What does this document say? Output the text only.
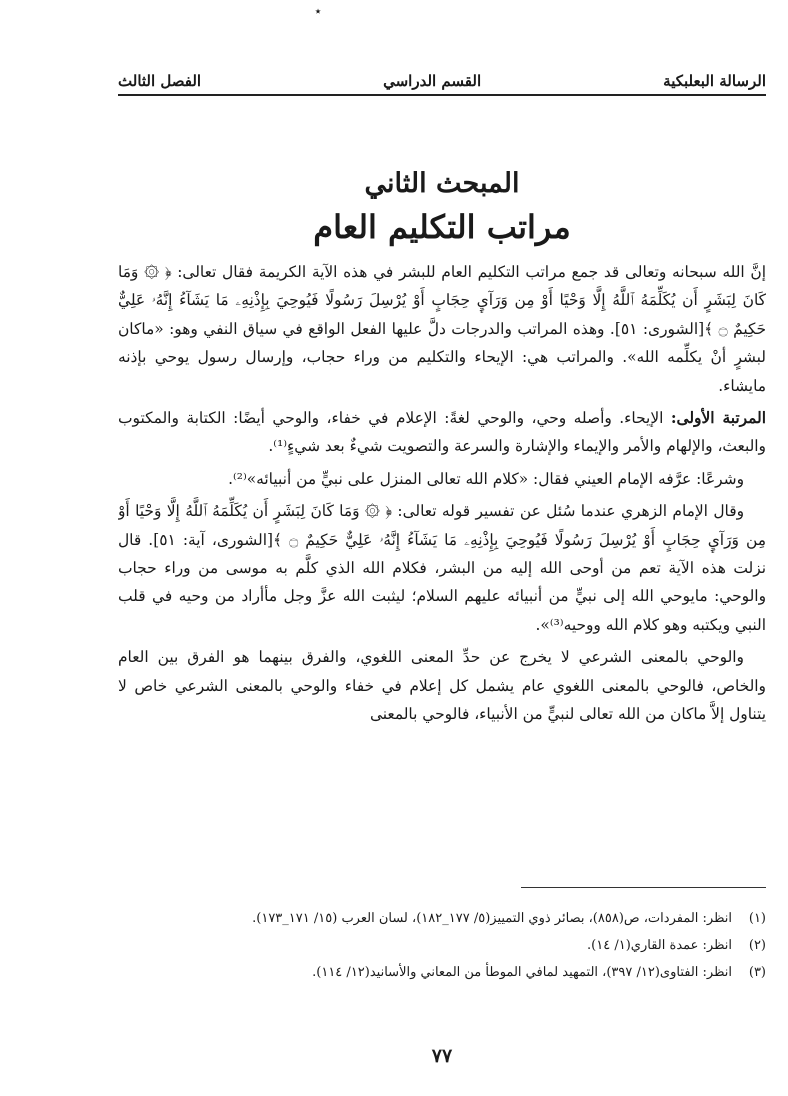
٭
الرسالة البعلبكية
القسم الدراسي
الفصل الثالث
المبحث الثاني
مراتب التكليم العام

إنَّ الله سبحانه وتعالى قد جمع مراتب التكليم العام للبشر في هذه الآية الكريمة فقال تعالى: ﴿ ۞ وَمَا كَانَ لِبَشَرٍ أَن يُكَلِّمَهُ ٱللَّهُ إِلَّا وَحْيًا أَوْ مِن وَرَآيِٕ حِجَابٍ أَوْ يُرْسِلَ رَسُولًا فَيُوحِيَ بِإِذْنِهِۦ مَا يَشَآءُ إِنَّهُۥ عَلِيٌّ حَكِيمٌ ۝ ﴾[الشورى: ٥١]. وهذه المراتب والدرجات دلَّ عليها الفعل الواقع في سياق النفي وهو: «ماكان لبشرٍ أنْ يكلِّمه الله». والمراتب هي: الإيحاء والتكليم من وراء حجاب، وإرسال رسول يوحي بإذنه مايشاء.

المرتبة الأولى: الإيحاء. وأصله وحي، والوحي لغةً: الإعلام في خفاء، والوحي أيضًا: الكتابة والمكتوب والبعث، والإلهام والأمر والإيماء والإشارة والسرعة والتصويت شيءٌ بعد شيءٍ⁽¹⁾.

وشرعًا: عرَّفه الإمام العيني فقال: «كلام الله تعالى المنزل على نبيٍّ من أنبيائه»⁽²⁾.

وقال الإمام الزهري عندما سُئل عن تفسير قوله تعالى: ﴿ ۞ وَمَا كَانَ لِبَشَرٍ أَن يُكَلِّمَهُ ٱللَّهُ إِلَّا وَحْيًا أَوْ مِن وَرَآيِٕ حِجَابٍ أَوْ يُرْسِلَ رَسُولًا فَيُوحِيَ بِإِذْنِهِۦ مَا يَشَآءُ إِنَّهُۥ عَلِيٌّ حَكِيمٌ ۝ ﴾[الشورى، آية: ٥١]. قال نزلت هذه الآية تعم من أوحى الله إليه من البشر، فكلام الله الذي كلَّم به موسى من وراء حجاب والوحي: مايوحي الله إلى نبيٍّ من أنبيائه عليهم السلام؛ ليثبت الله عزَّ وجل مأأراد من وحيه في قلب النبي ويكتبه وهو كلام الله ووحيه⁽³⁾».

والوحي بالمعنى الشرعي لا يخرج عن حدِّ المعنى اللغوي، والفرق بينهما هو الفرق بين العام والخاص، فالوحي بالمعنى اللغوي عام يشمل كل إعلام في خفاء والوحي بالمعنى الشرعي خاص لا يتناول إلاَّ ماكان من الله تعالى لنبيٍّ من الأنبياء، فالوحي بالمعنى

(١)
انظر: المفردات، ص(٨٥٨)، بصائر ذوي التمييز(٥/ ١٧٧_١٨٢)، لسان العرب (١٥/ ١٧١_١٧٣).
(٢)
انظر: عمدة القاري(١/ ١٤).
(٣)
انظر: الفتاوى(١٢/ ٣٩٧)، التمهيد لمافي الموطأ من المعاني والأسانيد(١٢/ ١١٤).
٧٧
